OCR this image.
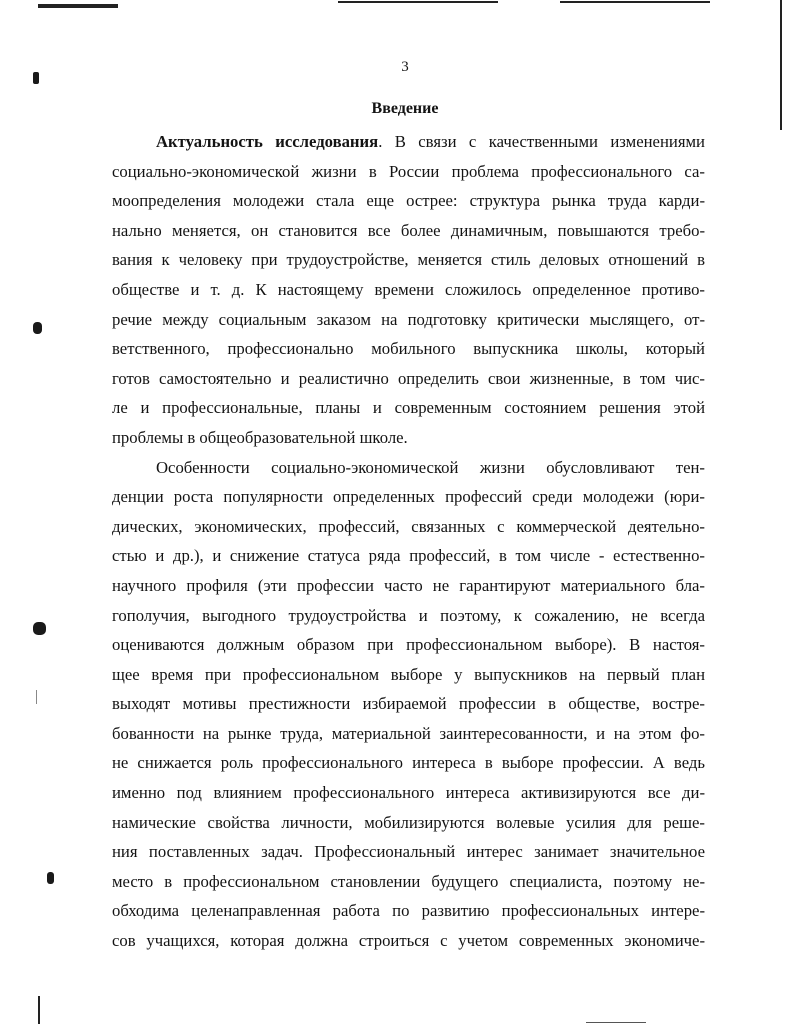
3
Введение
Актуальность исследования. В связи с качественными изменениями
социально-экономической жизни в России проблема профессионального са-
моопределения молодежи стала еще острее: структура рынка труда карди-
нально меняется, он становится все более динамичным, повышаются требо-
вания к человеку при трудоустройстве, меняется стиль деловых отношений в
обществе и т. д. К настоящему времени сложилось определенное противо-
речие между социальным заказом на подготовку критически мыслящего, от-
ветственного, профессионально мобильного выпускника школы, который
готов самостоятельно и реалистично определить свои жизненные, в том чис-
ле и профессиональные, планы и современным состоянием решения этой
проблемы в общеобразовательной школе.
Особенности социально-экономической жизни обусловливают тен-
денции роста популярности определенных профессий среди молодежи (юри-
дических, экономических, профессий, связанных с коммерческой деятельно-
стью и др.), и снижение статуса ряда профессий, в том числе - естественно-
научного профиля (эти профессии часто не гарантируют материального бла-
гополучия, выгодного трудоустройства и поэтому, к сожалению, не всегда
оцениваются должным образом при профессиональном выборе). В настоя-
щее время при профессиональном выборе у выпускников на первый план
выходят мотивы престижности избираемой профессии в обществе, востре-
бованности на рынке труда, материальной заинтересованности, и на этом фо-
не снижается роль профессионального интереса в выборе профессии. А ведь
именно под влиянием профессионального интереса активизируются все ди-
намические свойства личности, мобилизируются волевые усилия для реше-
ния поставленных задач. Профессиональный интерес занимает значительное
место в профессиональном становлении будущего специалиста, поэтому не-
обходима целенаправленная работа по развитию профессиональных интере-
сов учащихся, которая должна строиться с учетом современных экономиче-
